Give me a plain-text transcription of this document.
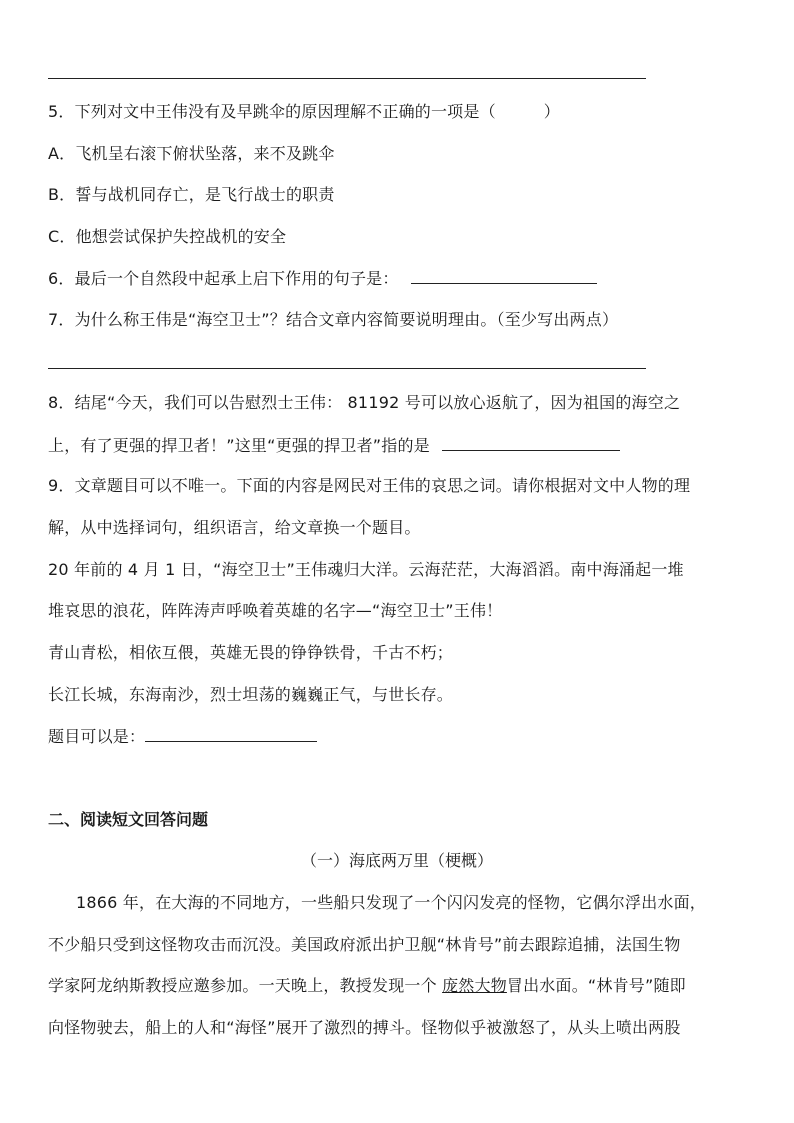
5．下列对文中王伟没有及早跳伞的原因理解不正确的一项是（	）
A．飞机呈右滚下俯状坠落，来不及跳伞
B．誓与战机同存亡，是飞行战士的职责
C．他想尝试保护失控战机的安全
6．最后一个自然段中起承上启下作用的句子是：
7．为什么称王伟是“海空卫士”？结合文章内容简要说明理由。（至少写出两点）
8．结尾“今天，我们可以告慰烈士王伟： 81192 号可以放心返航了，因为祖国的海空之
上，有了更强的捍卫者！”这里“更强的捍卫者”指的是
9．文章题目可以不唯一。下面的内容是网民对王伟的哀思之词。请你根据对文中人物的理
解，从中选择词句，组织语言，给文章换一个题目。
20 年前的 4 月 1 日，“海空卫士”王伟魂归大洋。云海茫茫，大海滔滔。南中海涌起一堆
堆哀思的浪花，阵阵涛声呼唤着英雄的名字—“海空卫士”王伟！
青山青松，相依互偎，英雄无畏的铮铮铁骨，千古不朽；
长江长城，东海南沙，烈士坦荡的巍巍正气，与世长存。
题目可以是：
二、阅读短文回答问题
（一）海底两万里（梗概）
1866 年，在大海的不同地方，一些船只发现了一个闪闪发亮的怪物，它偶尔浮出水面，
不少船只受到这怪物攻击而沉没。美国政府派出护卫舰“林肯号”前去跟踪追捕，法国生物
学家阿龙纳斯教授应邀参加。一天晚上，教授发现一个 庞然大物冒出水面。“林肯号”随即
向怪物驶去，船上的人和“海怪”展开了激烈的搏斗。怪物似乎被激怒了，从头上喷出两股
